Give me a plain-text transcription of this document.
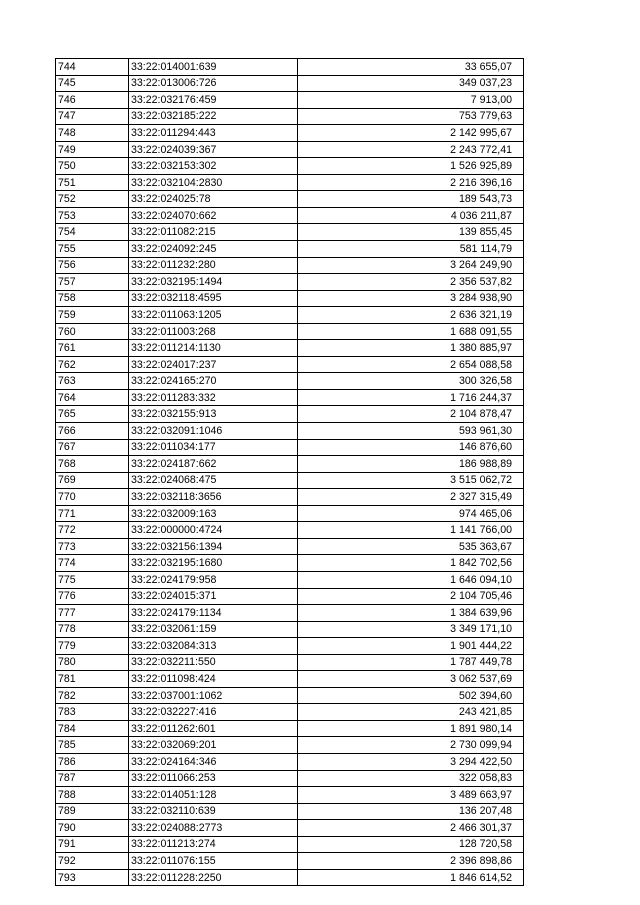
744	33:22:014001:639	33 655,07
745	33:22:013006:726	349 037,23
746	33:22:032176:459	7 913,00
747	33:22:032185:222	753 779,63
748	33:22:011294:443	2 142 995,67
749	33:22:024039:367	2 243 772,41
750	33:22:032153:302	1 526 925,89
751	33:22:032104:2830	2 216 396,16
752	33:22:024025:78	189 543,73
753	33:22:024070:662	4 036 211,87
754	33:22:011082:215	139 855,45
755	33:22:024092:245	581 114,79
756	33:22:011232:280	3 264 249,90
757	33:22:032195:1494	2 356 537,82
758	33:22:032118:4595	3 284 938,90
759	33:22:011063:1205	2 636 321,19
760	33:22:011003:268	1 688 091,55
761	33:22:011214:1130	1 380 885,97
762	33:22:024017:237	2 654 088,58
763	33:22:024165:270	300 326,58
764	33:22:011283:332	1 716 244,37
765	33:22:032155:913	2 104 878,47
766	33:22:032091:1046	593 961,30
767	33:22:011034:177	146 876,60
768	33:22:024187:662	186 988,89
769	33:22:024068:475	3 515 062,72
770	33:22:032118:3656	2 327 315,49
771	33:22:032009:163	974 465,06
772	33:22:000000:4724	1 141 766,00
773	33:22:032156:1394	535 363,67
774	33:22:032195:1680	1 842 702,56
775	33:22:024179:958	1 646 094,10
776	33:22:024015:371	2 104 705,46
777	33:22:024179:1134	1 384 639,96
778	33:22:032061:159	3 349 171,10
779	33:22:032084:313	1 901 444,22
780	33:22:032211:550	1 787 449,78
781	33:22:011098:424	3 062 537,69
782	33:22:037001:1062	502 394,60
783	33:22:032227:416	243 421,85
784	33:22:011262:601	1 891 980,14
785	33:22:032069:201	2 730 099,94
786	33:22:024164:346	3 294 422,50
787	33:22:011066:253	322 058,83
788	33:22:014051:128	3 489 663,97
789	33:22:032110:639	136 207,48
790	33:22:024088:2773	2 466 301,37
791	33:22:011213:274	128 720,58
792	33:22:011076:155	2 396 898,86
793	33:22:011228:2250	1 846 614,52
